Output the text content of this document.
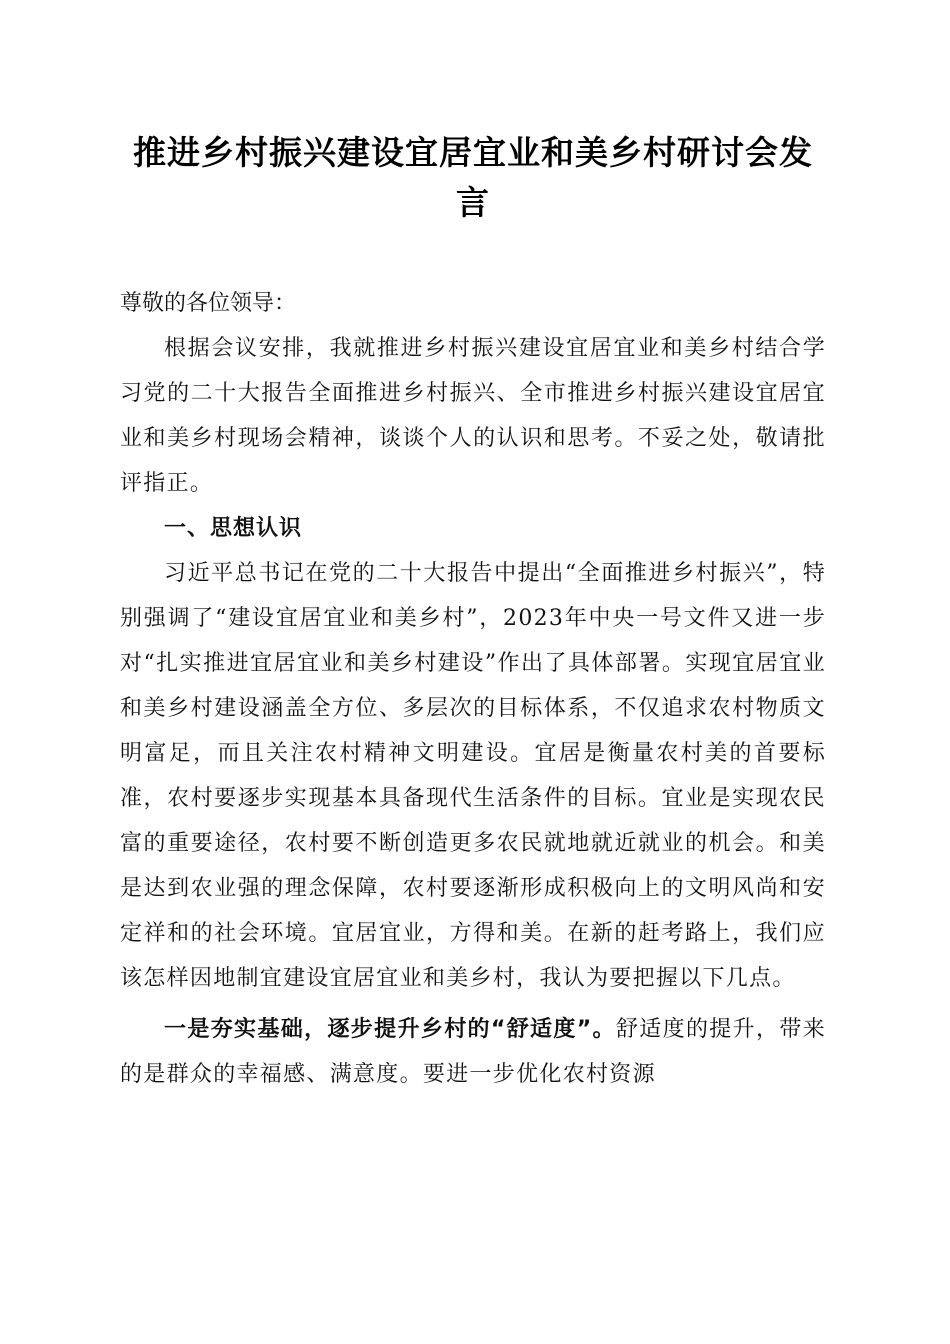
推进乡村振兴建设宜居宜业和美乡村研讨会发言

尊敬的各位领导：

根据会议安排，我就推进乡村振兴建设宜居宜业和美乡村结合学习党的二十大报告全面推进乡村振兴、全市推进乡村振兴建设宜居宜业和美乡村现场会精神，谈谈个人的认识和思考。不妥之处，敬请批评指正。

一、思想认识

习近平总书记在党的二十大报告中提出“全面推进乡村振兴”，特别强调了“建设宜居宜业和美乡村”，2023年中央一号文件又进一步对“扎实推进宜居宜业和美乡村建设”作出了具体部署。实现宜居宜业和美乡村建设涵盖全方位、多层次的目标体系，不仅追求农村物质文明富足，而且关注农村精神文明建设。宜居是衡量农村美的首要标准，农村要逐步实现基本具备现代生活条件的目标。宜业是实现农民富的重要途径，农村要不断创造更多农民就地就近就业的机会。和美是达到农业强的理念保障，农村要逐渐形成积极向上的文明风尚和安定祥和的社会环境。宜居宜业，方得和美。在新的赶考路上，我们应该怎样因地制宜建设宜居宜业和美乡村，我认为要把握以下几点。

一是夯实基础，逐步提升乡村的“舒适度”。舒适度的提升，带来的是群众的幸福感、满意度。要进一步优化农村资源
